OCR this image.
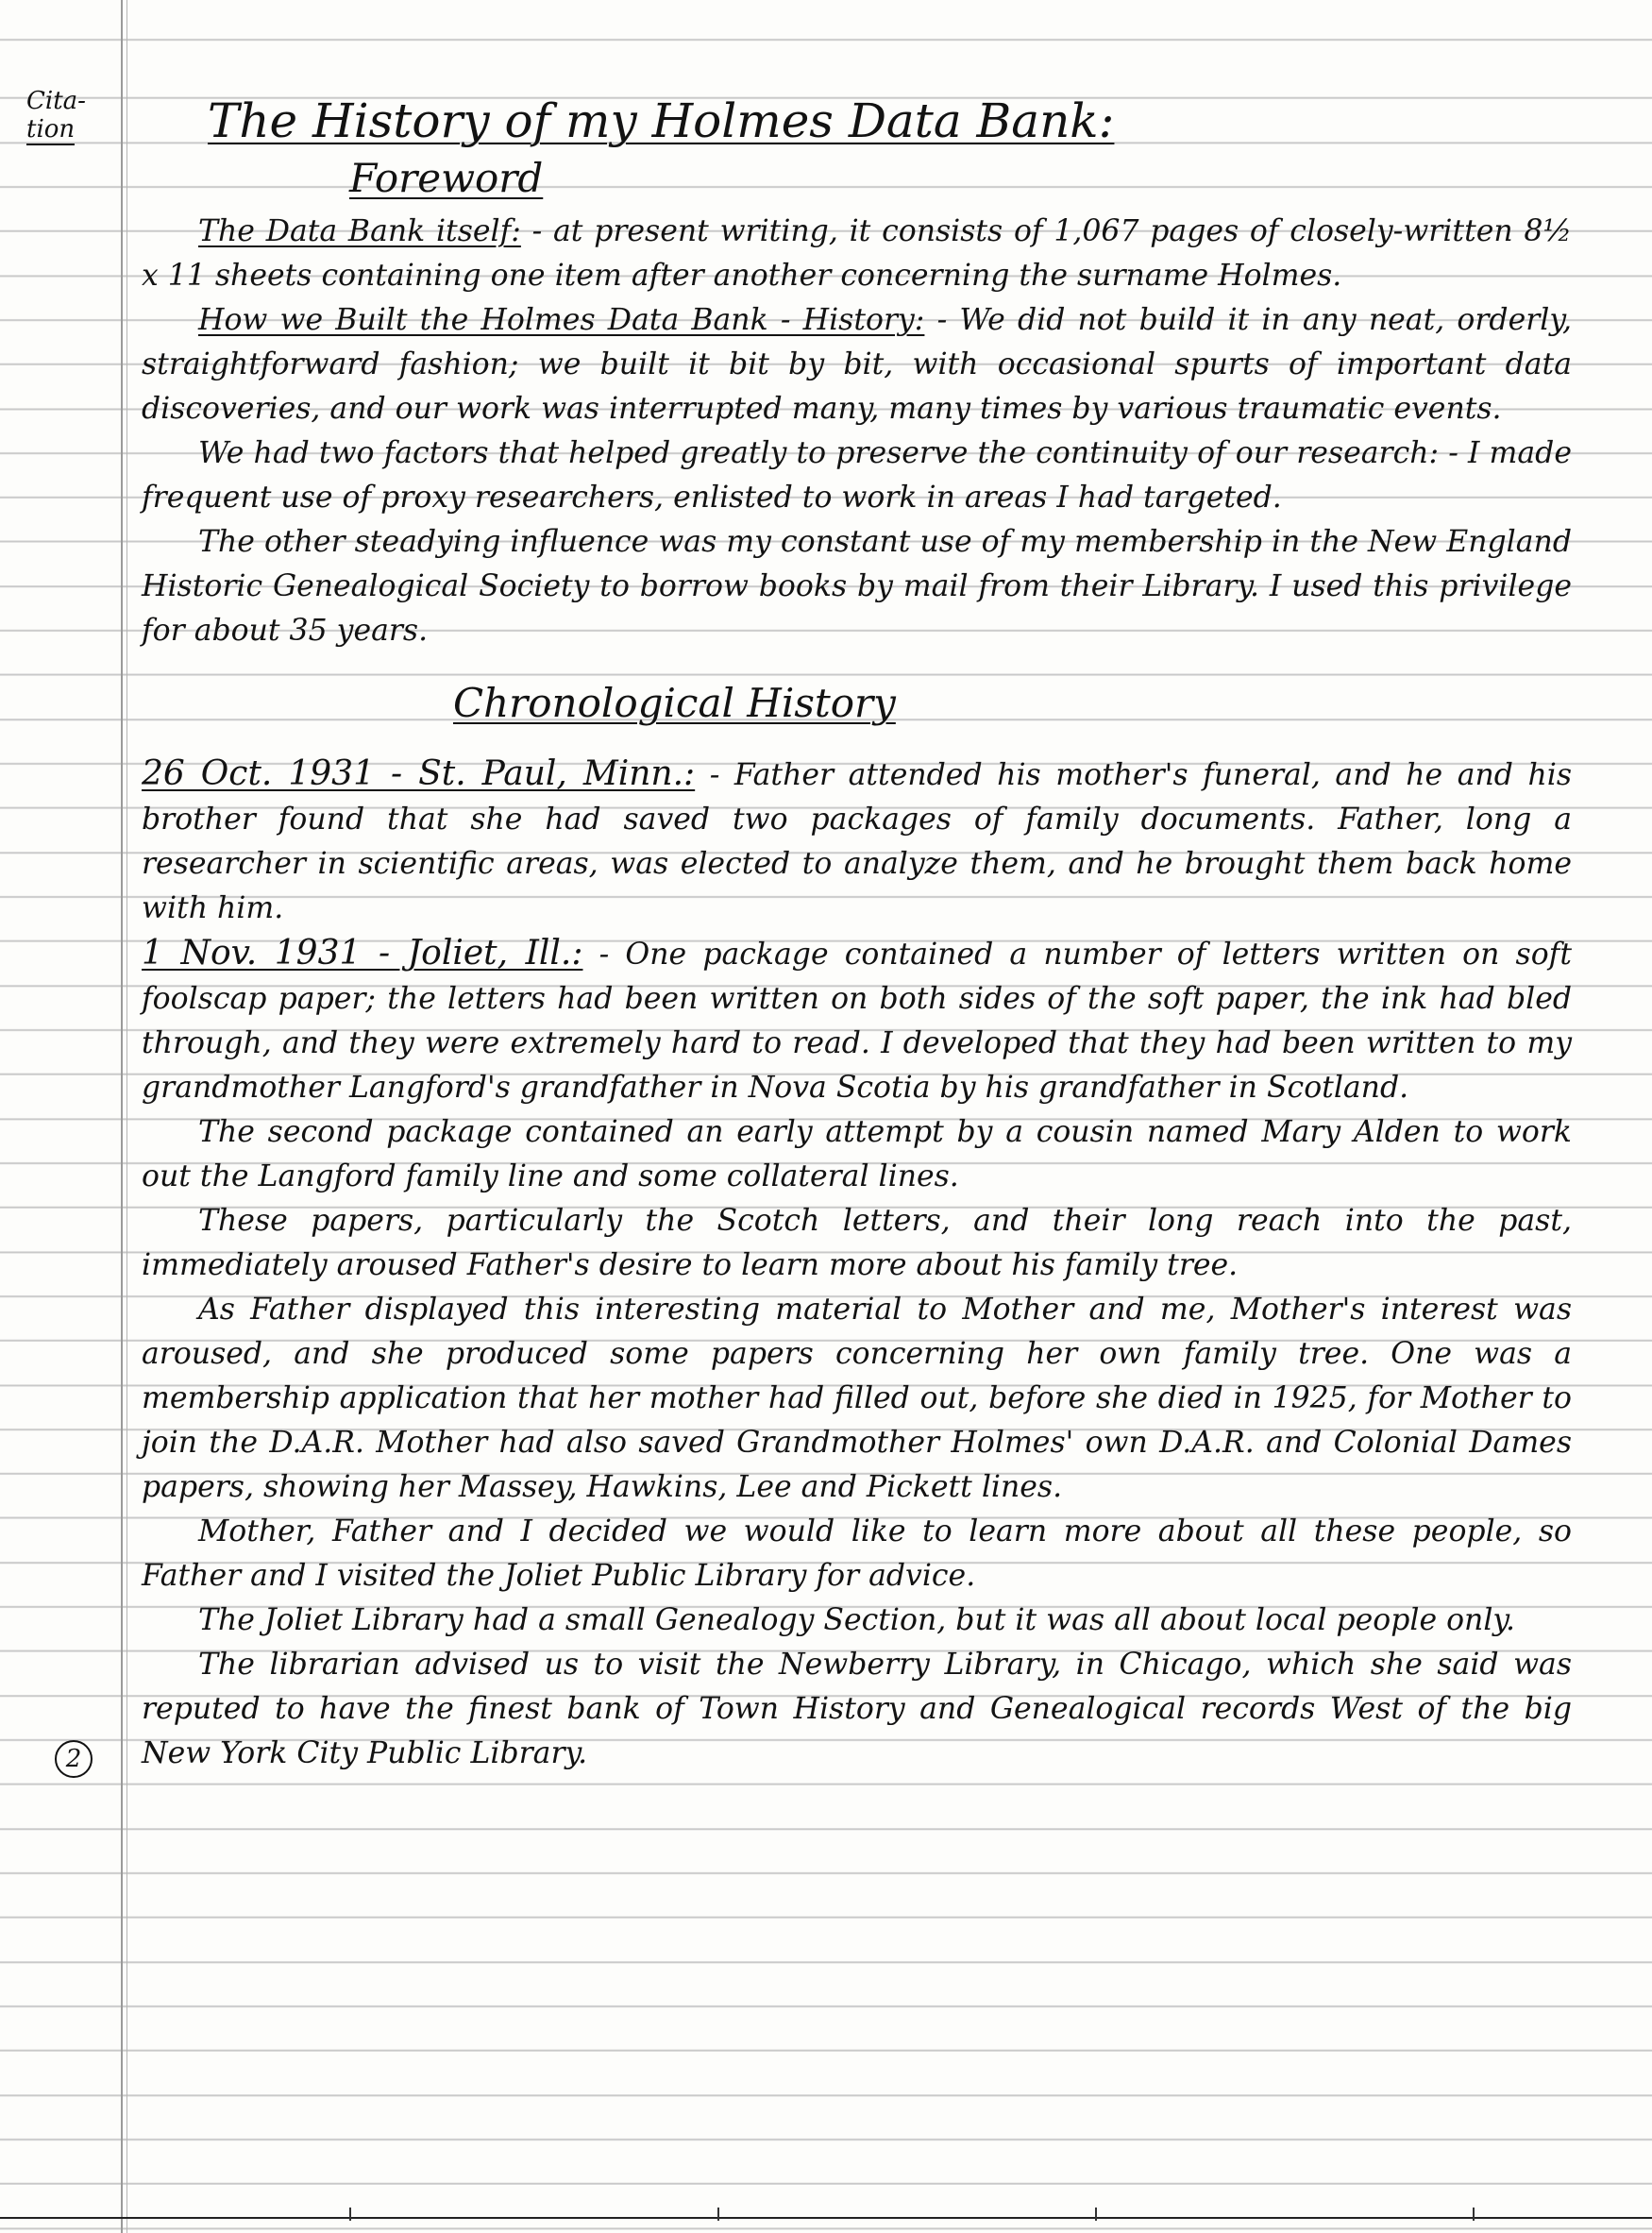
Cita-
tion
2
The History of my Holmes Data Bank:
Foreword

The Data Bank itself: - at present writing, it consists of 1,067 pages of closely-written 8½ x 11 sheets containing one item after another concerning the surname Holmes.

How we Built the Holmes Data Bank - History: - We did not build it in any neat, orderly, straightforward fashion; we built it bit by bit, with occasional spurts of important data discoveries, and our work was interrupted many, many times by various traumatic events.

We had two factors that helped greatly to preserve the continuity of our research: - I made frequent use of proxy researchers, enlisted to work in areas I had targeted.

The other steadying influence was my constant use of my membership in the New England Historic Genealogical Society to borrow books by mail from their Library. I used this privilege for about 35 years.

Chronological History

26 Oct. 1931 - St. Paul, Minn.: - Father attended his mother's funeral, and he and his brother found that she had saved two packages of family documents. Father, long a researcher in scientific areas, was elected to analyze them, and he brought them back home with him.

1 Nov. 1931 - Joliet, Ill.: - One package contained a number of letters written on soft foolscap paper; the letters had been written on both sides of the soft paper, the ink had bled through, and they were extremely hard to read. I developed that they had been written to my grandmother Langford's grandfather in Nova Scotia by his grandfather in Scotland.

The second package contained an early attempt by a cousin named Mary Alden to work out the Langford family line and some collateral lines.

These papers, particularly the Scotch letters, and their long reach into the past, immediately aroused Father's desire to learn more about his family tree.

As Father displayed this interesting material to Mother and me, Mother's interest was aroused, and she produced some papers concerning her own family tree. One was a membership application that her mother had filled out, before she died in 1925, for Mother to join the D.A.R. Mother had also saved Grandmother Holmes' own D.A.R. and Colonial Dames papers, showing her Massey, Hawkins, Lee and Pickett lines.

Mother, Father and I decided we would like to learn more about all these people, so Father and I visited the Joliet Public Library for advice.

The Joliet Library had a small Genealogy Section, but it was all about local people only.

The librarian advised us to visit the Newberry Library, in Chicago, which she said was reputed to have the finest bank of Town History and Genealogical records West of the big New York City Public Library.
